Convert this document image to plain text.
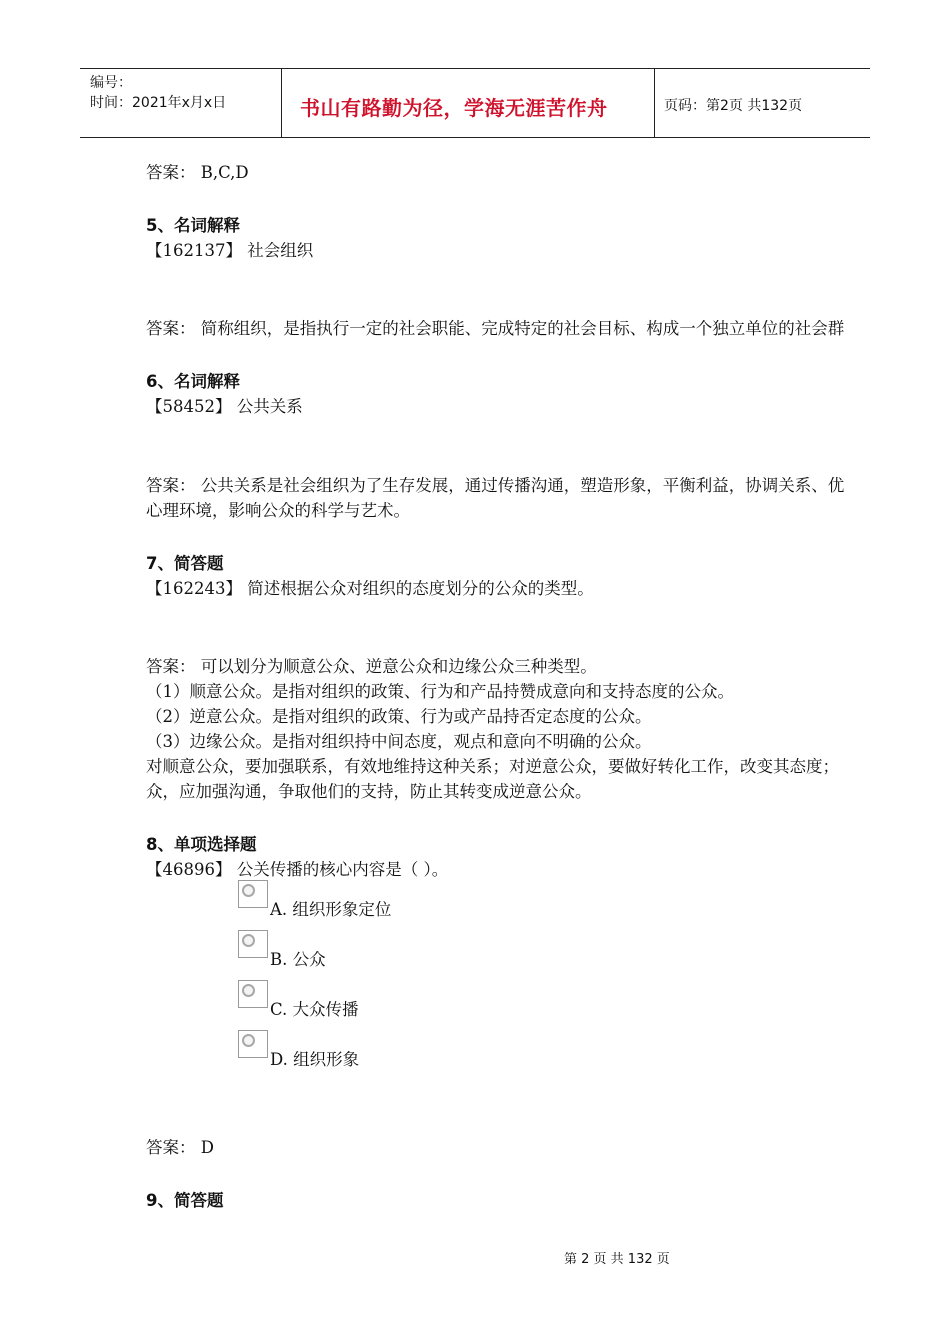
编号：
时间：2021年x月x日	书山有路勤为径，学海无涯苦作舟	页码：第2页 共132页
答案： B,C,D
5、名词解释
【162137】 社会组织
答案： 简称组织，是指执行一定的社会职能、完成特定的社会目标、构成一个独立单位的社会群
6、名词解释
【58452】 公共关系
答案： 公共关系是社会组织为了生存发展，通过传播沟通，塑造形象，平衡利益，协调关系、优
心理环境，影响公众的科学与艺术。
7、简答题
【162243】 简述根据公众对组织的态度划分的公众的类型。
答案： 可以划分为顺意公众、逆意公众和边缘公众三种类型。
（1）顺意公众。是指对组织的政策、行为和产品持赞成意向和支持态度的公众。
（2）逆意公众。是指对组织的政策、行为或产品持否定态度的公众。
（3）边缘公众。是指对组织持中间态度，观点和意向不明确的公众。
对顺意公众，要加强联系，有效地维持这种关系；对逆意公众，要做好转化工作，改变其态度；
众，应加强沟通，争取他们的支持，防止其转变成逆意公众。
8、单项选择题
【46896】 公关传播的核心内容是（ ）。
A. 组织形象定位
B. 公众
C. 大众传播
D. 组织形象
答案： D
9、简答题
第 2 页 共 132 页
